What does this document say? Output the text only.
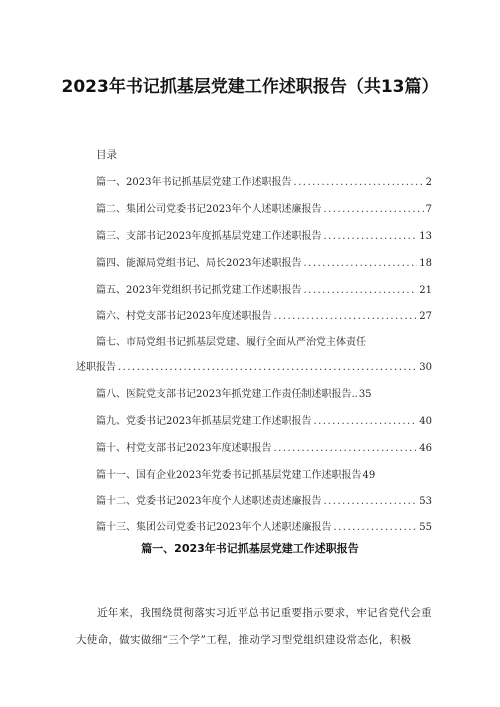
2023年书记抓基层党建工作述职报告（共13篇）
目录
篇一、2023年书记抓基层党建工作述职报告 .....	2
篇二、集团公司党委书记2023年个人述职述廉报告 .....	7
篇三、支部书记2023年度抓基层党建工作述职报告 .....	13
篇四、能源局党组书记、局长2023年述职报告 .....	18
篇五、2023年党组织书记抓党建工作述职报告 .....	21
篇六、村党支部书记2023年度述职报告 .....	27
篇七、市局党组书记抓基层党建、履行全面从严治党主体责任
述职报告 .....	30
篇八、医院党支部书记2023年抓党建工作责任制述职报告.. 35
篇九、党委书记2023年抓基层党建工作述职报告 .....	40
篇十、村党支部书记2023年度述职报告 .....	46
篇十一、国有企业2023年党委书记抓基层党建工作述职报告 49
篇十二、党委书记2023年度个人述职述责述廉报告 .....	53
篇十三、集团公司党委书记2023年个人述职述廉报告 .....	55
篇一、2023年书记抓基层党建工作述职报告
近年来，我围绕贯彻落实习近平总书记重要指示要求，牢记省党代会重大使命，做实做细“三个学”工程，推动学习型党组织建设常态化，积极
